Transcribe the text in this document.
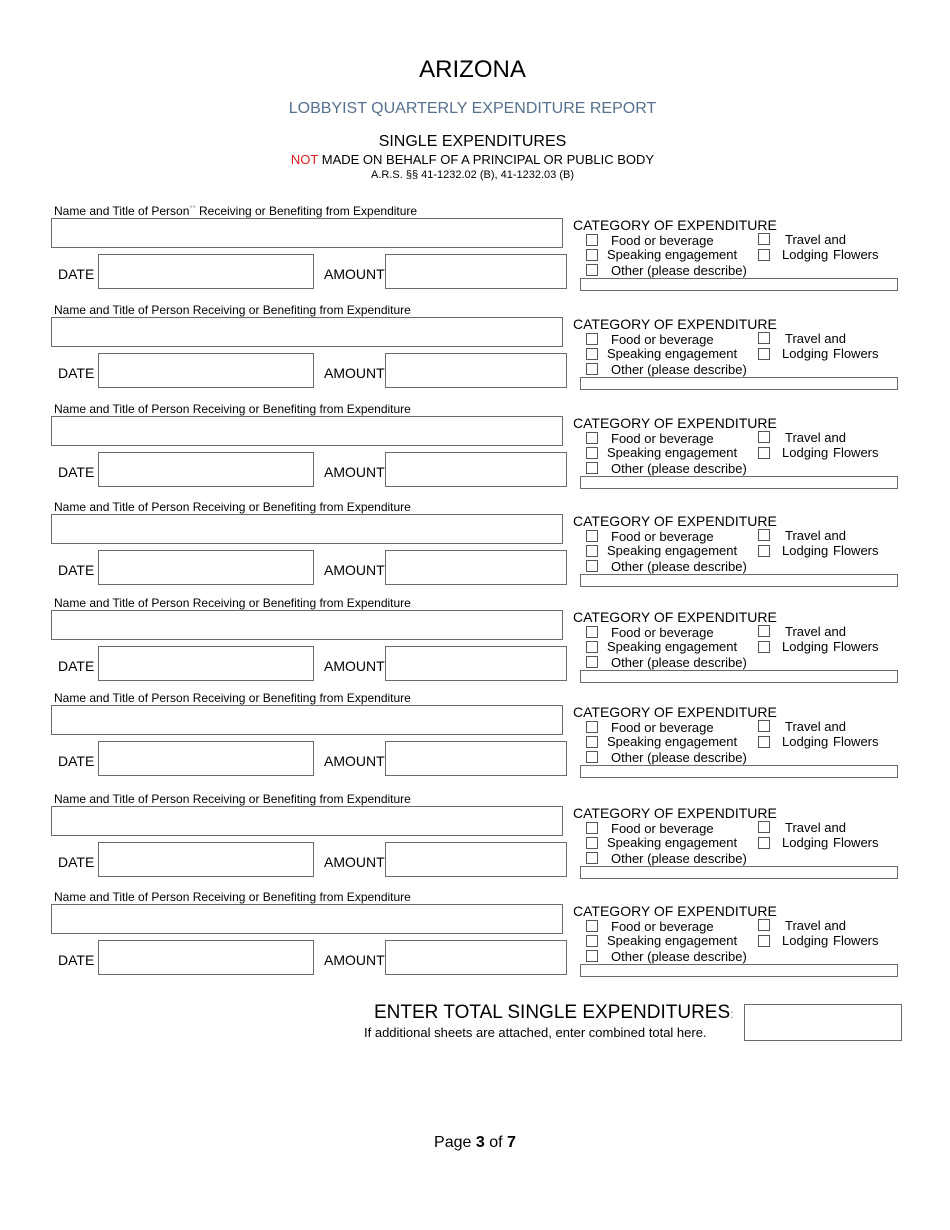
ARIZONA
LOBBYIST QUARTERLY EXPENDITURE REPORT
SINGLE EXPENDITURES
NOT MADE ON BEHALF OF A PRINCIPAL OR PUBLIC BODY
A.R.S. §§ 41-1232.02 (B), 41-1232.03 (B)
Name and Title of Person** Receiving or Benefiting from Expenditure
DATE	AMOUNT
CATEGORY OF EXPENDITURE
Food or beverage
Speaking engagement
Other (please describe)
Travel and
Lodging Flowers
Name and Title of Person Receiving or Benefiting from Expenditure
DATE	AMOUNT
CATEGORY OF EXPENDITURE
Food or beverage
Speaking engagement
Other (please describe)
Travel and
Lodging Flowers
Name and Title of Person Receiving or Benefiting from Expenditure
DATE	AMOUNT
CATEGORY OF EXPENDITURE
Food or beverage
Speaking engagement
Other (please describe)
Travel and
Lodging Flowers
Name and Title of Person Receiving or Benefiting from Expenditure
DATE	AMOUNT
CATEGORY OF EXPENDITURE
Food or beverage
Speaking engagement
Other (please describe)
Travel and
Lodging Flowers
Name and Title of Person Receiving or Benefiting from Expenditure
DATE	AMOUNT
CATEGORY OF EXPENDITURE
Food or beverage
Speaking engagement
Other (please describe)
Travel and
Lodging Flowers
Name and Title of Person Receiving or Benefiting from Expenditure
DATE	AMOUNT
CATEGORY OF EXPENDITURE
Food or beverage
Speaking engagement
Other (please describe)
Travel and
Lodging Flowers
Name and Title of Person Receiving or Benefiting from Expenditure
DATE	AMOUNT
CATEGORY OF EXPENDITURE
Food or beverage
Speaking engagement
Other (please describe)
Travel and
Lodging Flowers
Name and Title of Person Receiving or Benefiting from Expenditure
DATE	AMOUNT
CATEGORY OF EXPENDITURE
Food or beverage
Speaking engagement
Other (please describe)
Travel and
Lodging Flowers
ENTER TOTAL SINGLE EXPENDITURES:
If additional sheets are attached, enter combined total here.
Page 3 of 7
